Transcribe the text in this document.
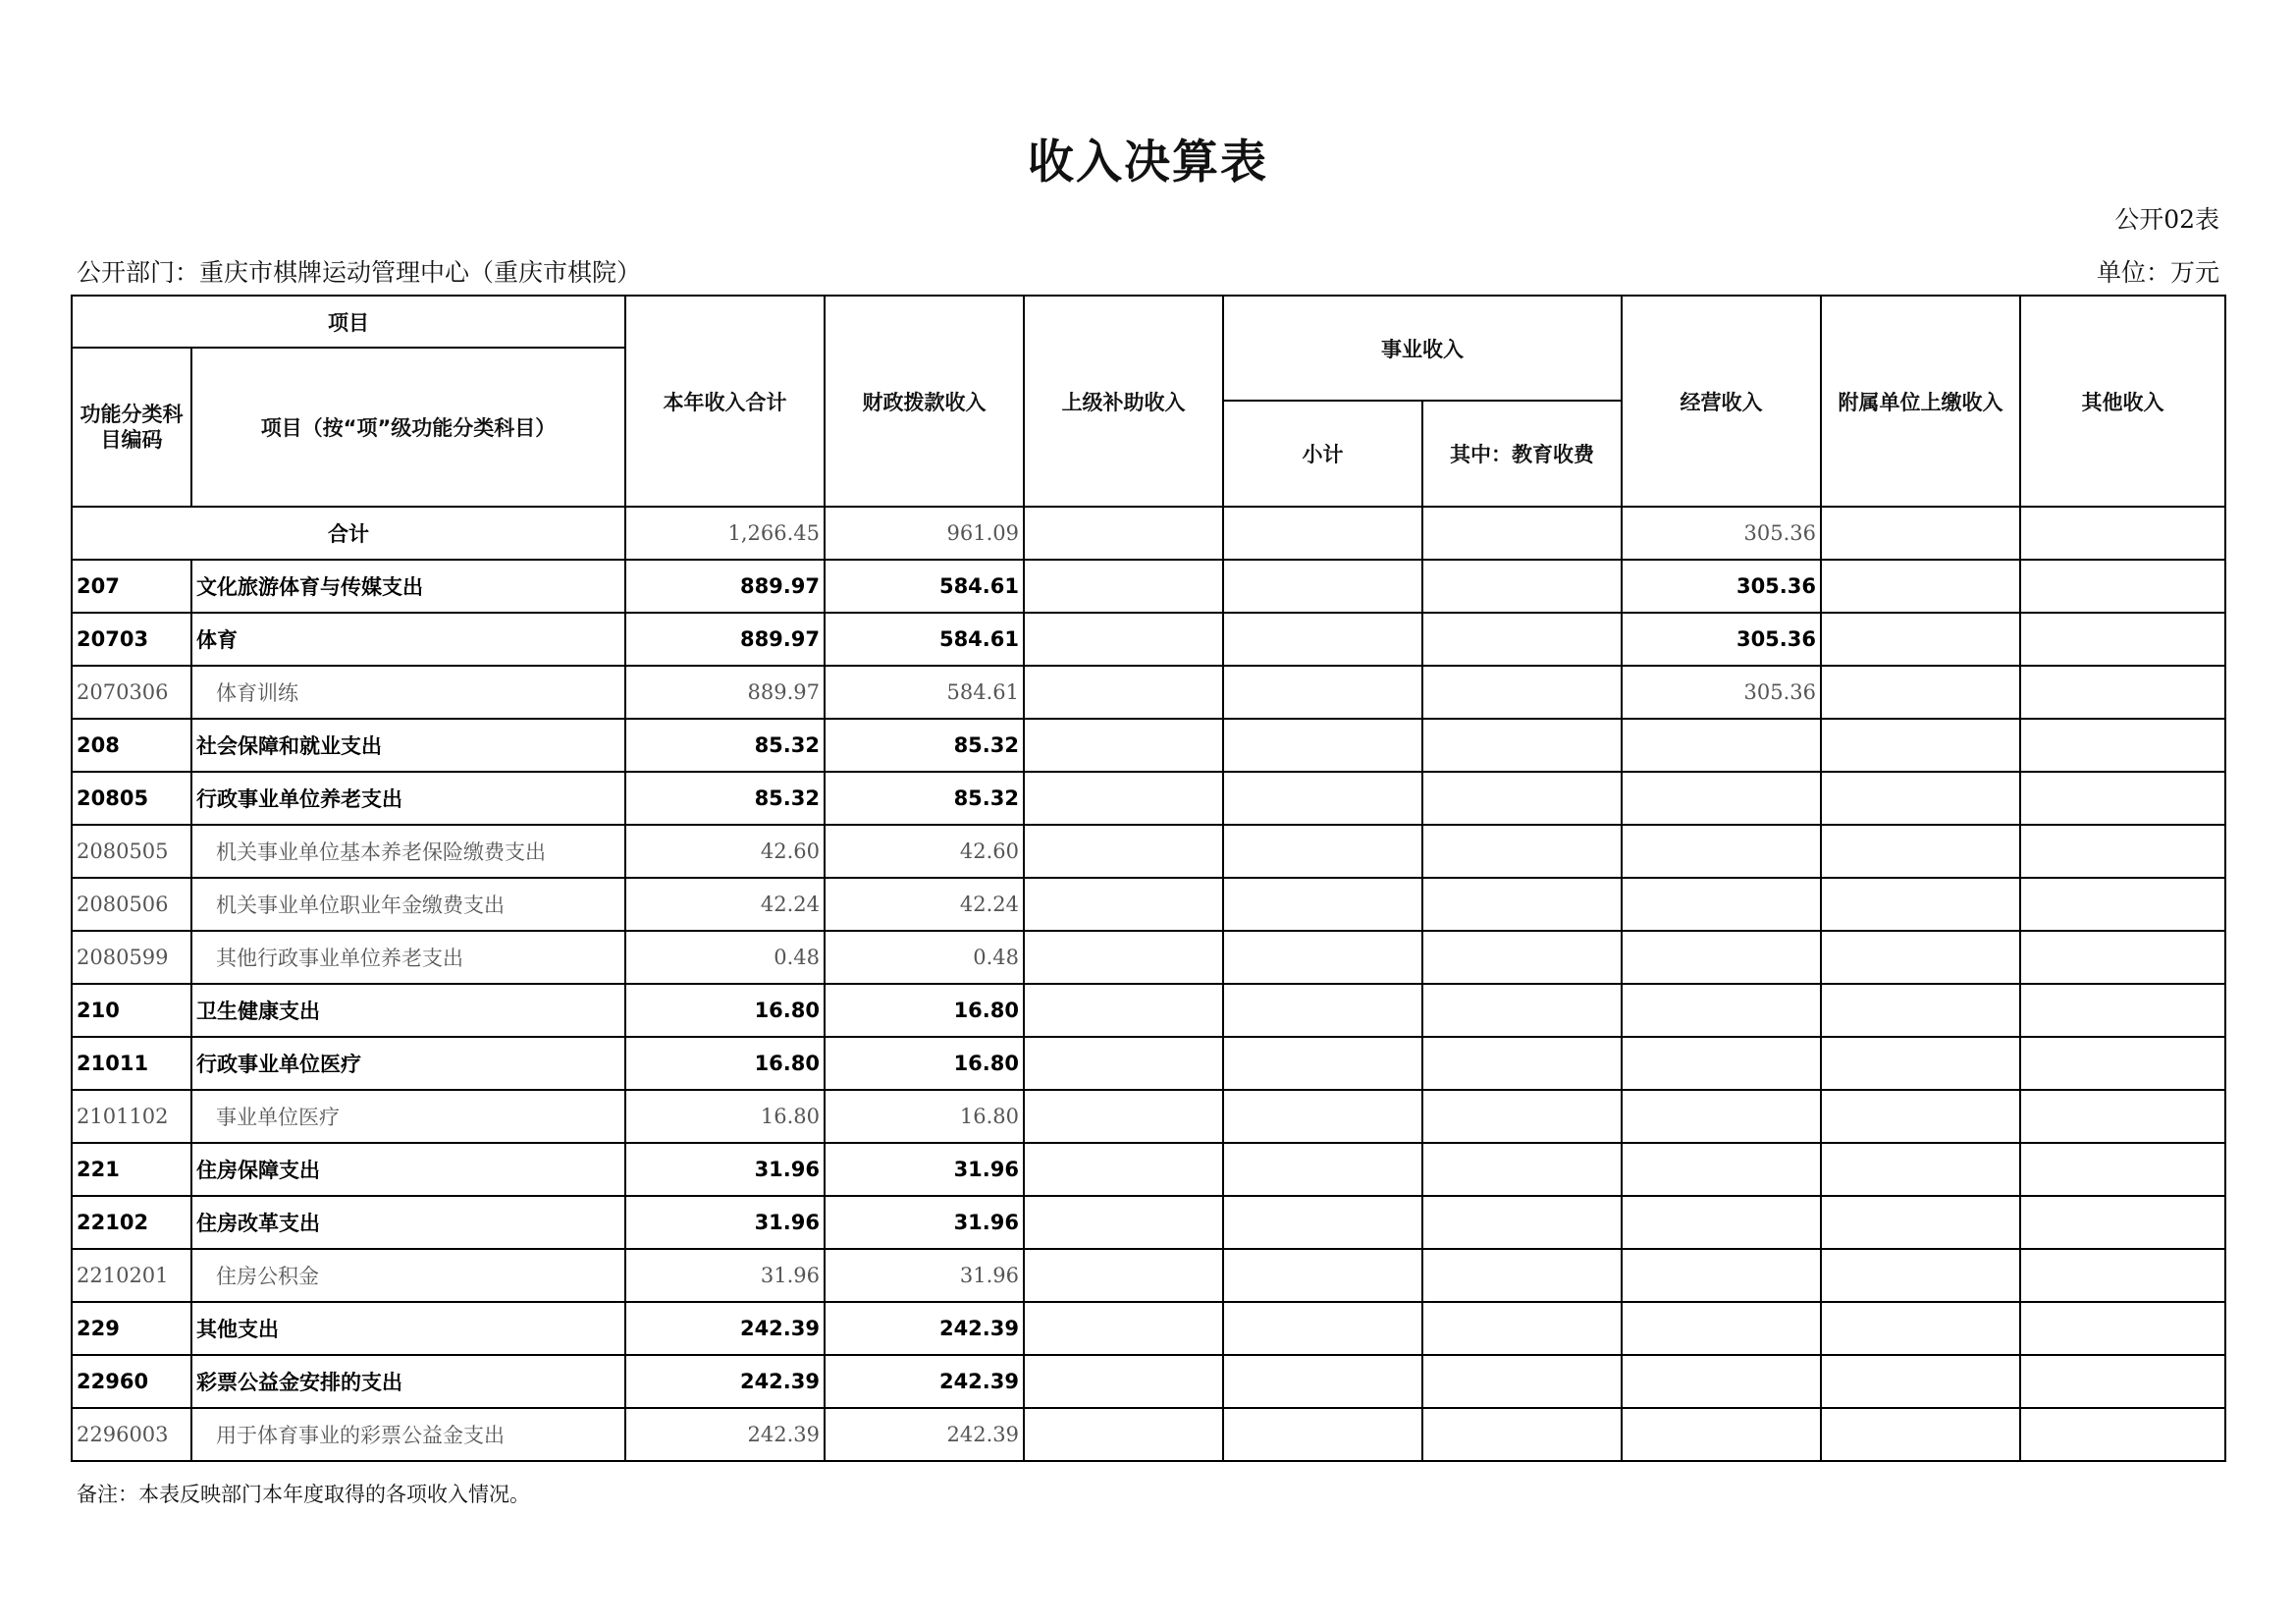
收入决算表
公开02表
公开部门：重庆市棋牌运动管理中心（重庆市棋院）	单位：万元
项目		本年收入合计	财政拨款收入	上级补助收入	事业收入		经营收入	附属单位上缴收入	其他收入
功能分类科目编码	项目（按“项”级功能分类科目）								
					小计	其中：教育收费			
合计		1,266.45	961.09				305.36		
207	文化旅游体育与传媒支出	889.97	584.61				305.36		
20703	体育	889.97	584.61				305.36		
2070306	体育训练	889.97	584.61				305.36		
208	社会保障和就业支出	85.32	85.32						
20805	行政事业单位养老支出	85.32	85.32						
2080505	机关事业单位基本养老保险缴费支出	42.60	42.60						
2080506	机关事业单位职业年金缴费支出	42.24	42.24						
2080599	其他行政事业单位养老支出	0.48	0.48						
210	卫生健康支出	16.80	16.80						
21011	行政事业单位医疗	16.80	16.80						
2101102	事业单位医疗	16.80	16.80						
221	住房保障支出	31.96	31.96						
22102	住房改革支出	31.96	31.96						
2210201	住房公积金	31.96	31.96						
229	其他支出	242.39	242.39						
22960	彩票公益金安排的支出	242.39	242.39						
2296003	用于体育事业的彩票公益金支出	242.39	242.39						
备注：本表反映部门本年度取得的各项收入情况。
